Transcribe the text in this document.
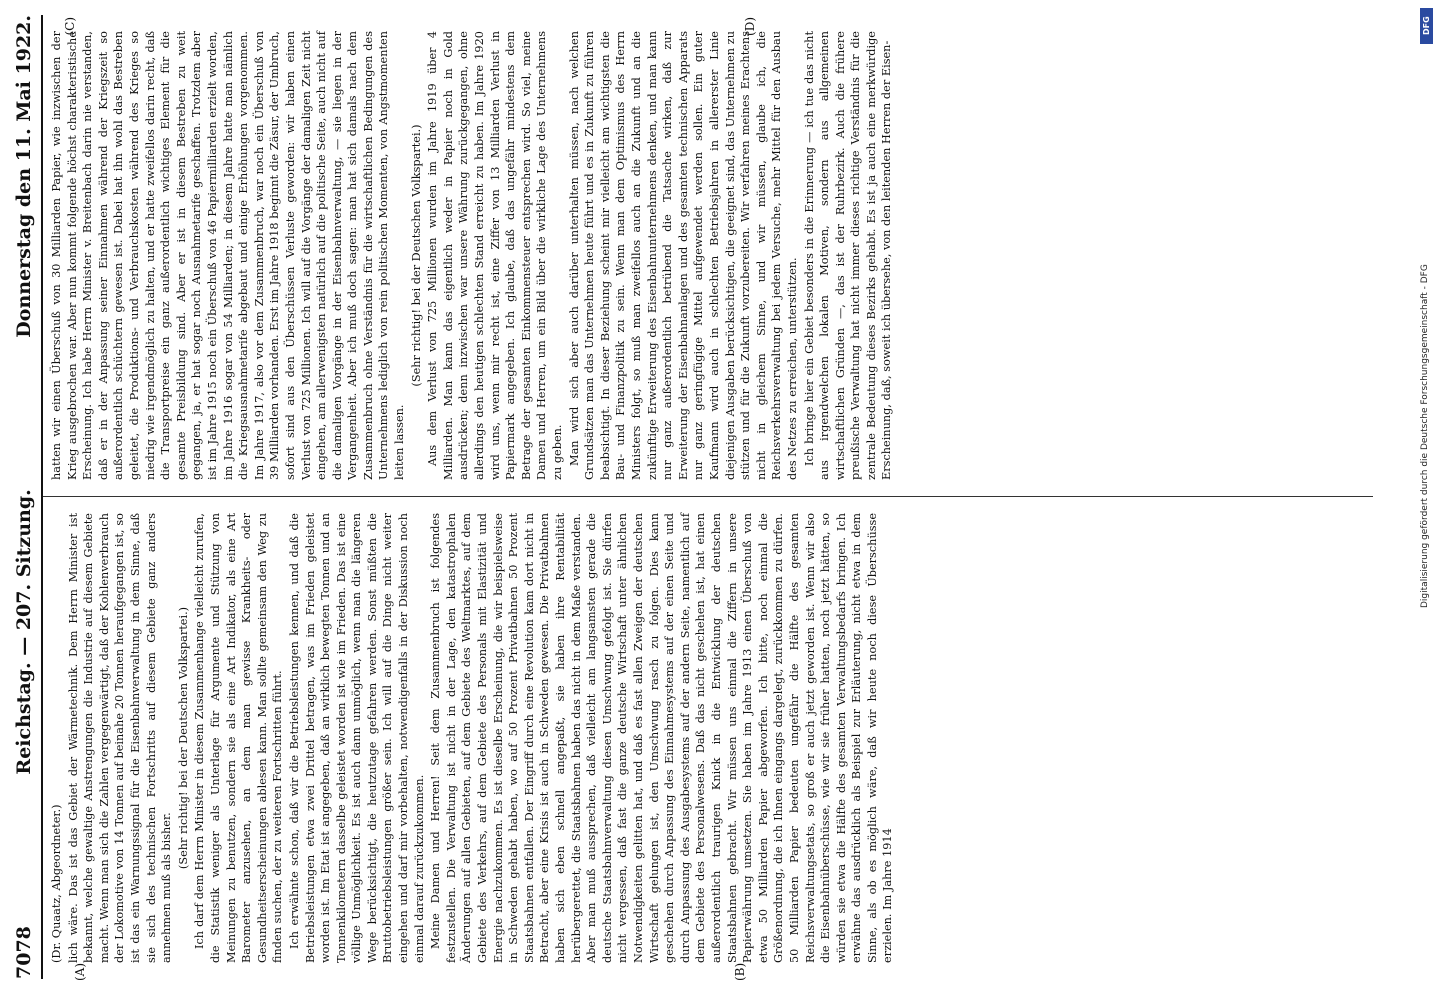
7078
Reichstag. — 207. Sitzung.
Donnerstag den 11. Mai 1922.
(A)	(B)

(Dr. Quaatz, Abgeordneter.) lich wäre. Das ist das Gebiet der Wärmetechnik. Dem Herrn Minister ist bekannt, welche gewaltige Anstrengungen die Industrie auf diesem Gebiete macht. Wenn man sich die Zahlen vergegenwärtigt, daß der Kohlenverbrauch der Lokomotive von 14 Tonnen auf beinahe 20 Tonnen heraufgegangen ist, so ist das ein Warnungssignal für die Eisenbahnverwaltung in dem Sinne, daß sie sich des technischen Fortschritts auf diesem Gebiete ganz anders annehmen muß als bisher.

(Sehr richtig! bei der Deutschen Volkspartei.) Ich darf dem Herrn Minister in diesem Zusammenhange vielleicht zurufen, die Statistik weniger als Unterlage für Argumente und Stützung von Meinungen zu benutzen, sondern sie als eine Art Indikator, als eine Art Barometer anzusehen, an dem man gewisse Krankheits- oder Gesundheitserscheinungen ablesen kann. Man sollte gemeinsam den Weg zu finden suchen, der zu weiteren Fortschritten führt. Ich erwähnte schon, daß wir die Betriebsleistungen kennen, und daß die Betriebsleistungen etwa zwei Drittel betragen, was im Frieden geleistet worden ist. Im Etat ist angegeben, daß an wirklich bewegten Tonnen und an Tonnenkilometern dasselbe geleistet worden ist wie im Frieden. Das ist eine völlige Unmöglichkeit. Es ist auch dann unmöglich, wenn man die längeren Wege berücksichtigt, die heutzutage gefahren werden. Sonst müßten die Bruttobetriebsleistungen größer sein. Ich will auf die Dinge nicht weiter eingehen und darf mir vorbehalten, notwendigenfalls in der Diskussion noch einmal darauf zurückzukommen. Meine Damen und Herren! Seit dem Zusammenbruch ist folgendes festzustellen. Die Verwaltung ist nicht in der Lage, den katastrophalen Änderungen auf allen Gebieten, auf dem Gebiete des Weltmarktes, auf dem Gebiete des Verkehrs, auf dem Gebiete des Personals mit Elastizität und Energie nachzukommen. Es ist dieselbe Erscheinung, die wir beispielsweise in Schweden gehabt haben, wo auf 50 Prozent Privatbahnen 50 Prozent Staatsbahnen entfallen. Der Eingriff durch eine Revolution kam dort nicht in Betracht, aber eine Krisis ist auch in Schweden gewesen. Die Privatbahnen haben sich eben schnell angepaßt, sie haben ihre Rentabilität herübergerettet, die Staatsbahnen haben das nicht in dem Maße verstanden. Aber man muß aussprechen, daß vielleicht am langsamsten gerade die deutsche Staatsbahnverwaltung diesen Umschwung gefolgt ist. Sie dürfen nicht vergessen, daß fast die ganze deutsche Wirtschaft unter ähnlichen Notwendigkeiten gelitten hat, und daß es fast allen Zweigen der deutschen Wirtschaft gelungen ist, den Umschwung rasch zu folgen. Dies kann geschehen durch Anpassung des Einnahmesystems auf der einen Seite und durch Anpassung des Ausgabesystems auf der andern Seite, namentlich auf dem Gebiete des Personalwesens. Daß das nicht geschehen ist, hat einen außerordentlich traurigen Knick in die Entwicklung der deutschen Staatsbahnen gebracht. Wir müssen uns einmal die Ziffern in unsere Papierwährung umsetzen. Sie haben im Jahre 1913 einen Überschuß von etwa 50 Milliarden Papier abgeworfen. Ich bitte, noch einmal die Größenordnung, die ich Ihnen eingangs dargelegt, zurückkommen zu dürfen. 50 Milliarden Papier bedeuten ungefähr die Hälfte des gesamten Reichsverwaltungsetats, so groß er auch jetzt geworden ist. Wenn wir also die Eisenbahnüberschüsse, wie wir sie früher hatten, noch jetzt hätten, so würden sie etwa die Hälfte des gesamten Verwaltungsbedarfs bringen. Ich erwähne das ausdrücklich als Beispiel zur Erläuterung, nicht etwa in dem Sinne, als ob es möglich wäre, daß wir heute noch diese Überschüsse erzielen. Im Jahre 1914

(C)	(D)

hatten wir einen Überschuß von 30 Milliarden Papier, wie inzwischen der Krieg ausgebrochen war. Aber nun kommt folgende höchst charakteristische Erscheinung. Ich habe Herrn Minister v. Breitenbach darin nie verstanden, daß er in der Anpassung seiner Einnahmen während der Kriegszeit so außerordentlich schüchtern gewesen ist. Dabei hat ihn wohl das Bestreben geleitet, die Produktions- und Verbrauchskosten während des Krieges so niedrig wie irgendmöglich zu halten, und er hatte zweifellos darin recht, daß die Transportpreise ein ganz außerordentlich wichtiges Element für die gesamte Preisbildung sind. Aber er ist in diesem Bestreben zu weit gegangen, ja, er hat sogar noch Ausnahmetarife geschaffen. Trotzdem aber ist im Jahre 1915 noch ein Überschuß von 46 Papiermilliarden erzielt worden, im Jahre 1916 sogar von 54 Milliarden; in diesem Jahre hatte man nämlich die Kriegsausnahmetarife abgebaut und einige Erhöhungen vorgenommen. Im Jahre 1917, also vor dem Zusammenbruch, war noch ein Überschuß von 39 Milliarden vorhanden. Erst im Jahre 1918 beginnt die Zäsur, der Umbruch, sofort sind aus den Überschüssen Verluste geworden: wir haben einen Verlust von 725 Millionen. Ich will auf die Vorgänge der damaligen Zeit nicht eingehen, am allerwenigsten natürlich auf die politische Seite, auch nicht auf die damaligen Vorgänge in der Eisenbahnverwaltung, — sie liegen in der Vergangenheit. Aber ich muß doch sagen: man hat sich damals nach dem Zusammenbruch ohne Verständnis für die wirtschaftlichen Bedingungen des Unternehmens lediglich von rein politischen Momenten, von Angstmomenten leiten lassen.

(Sehr richtig! bei der Deutschen Volkspartei.) Aus dem Verlust von 725 Millionen wurden im Jahre 1919 über 4 Milliarden. Man kann das eigentlich weder in Papier noch in Gold ausdrücken; denn inzwischen war unsere Währung zurückgegangen, ohne allerdings den heutigen schlechten Stand erreicht zu haben. Im Jahre 1920 wird uns, wenn mir recht ist, eine Ziffer von 13 Milliarden Verlust in Papiermark angegeben. Ich glaube, daß das ungefähr mindestens dem Betrage der gesamten Einkommensteuer entsprechen wird. So viel, meine Damen und Herren, um ein Bild über die wirkliche Lage des Unternehmens zu geben. Man wird sich aber auch darüber unterhalten müssen, nach welchen Grundsätzen man das Unternehmen heute führt und es in Zukunft zu führen beabsichtigt. In dieser Beziehung scheint mir vielleicht am wichtigsten die Bau- und Finanzpolitik zu sein. Wenn man dem Optimismus des Herrn Ministers folgt, so muß man zweifellos auch an die Zukunft und an die zukünftige Erweiterung des Eisenbahnunternehmens denken, und man kann nur ganz außerordentlich betrübend die Tatsache wirken, daß zur Erweiterung der Eisenbahnanlagen und des gesamten technischen Apparats nur ganz geringfügige Mittel aufgewendet werden sollen. Ein guter Kaufmann wird auch in schlechten Betriebsjahren in allererster Linie diejenigen Ausgaben berücksichtigen, die geeignet sind, das Unternehmen zu stützen und für die Zukunft vorzubereiten. Wir verfahren meines Erachtens nicht in gleichem Sinne, und wir müssen, glaube ich, die Reichsverkehrsverwaltung bei jedem Versuche, mehr Mittel für den Ausbau des Netzes zu erreichen, unterstützen. Ich bringe hier ein Gebiet besonders in die Erinnerung — ich tue das nicht aus irgendwelchen lokalen Motiven, sondern aus allgemeinen wirtschaftlichen Gründen —, das ist der Ruhrbezirk. Auch die frühere preußische Verwaltung hat nicht immer dieses richtige Verständnis für die zentrale Bedeutung dieses Bezirks gehabt. Es ist ja auch eine merkwürdige Erscheinung, daß, soweit ich übersehe, von den leitenden Herren der Eisen-

DFG
Digitalisierung gefördert durch die Deutsche Forschungsgemeinschaft - DFG
